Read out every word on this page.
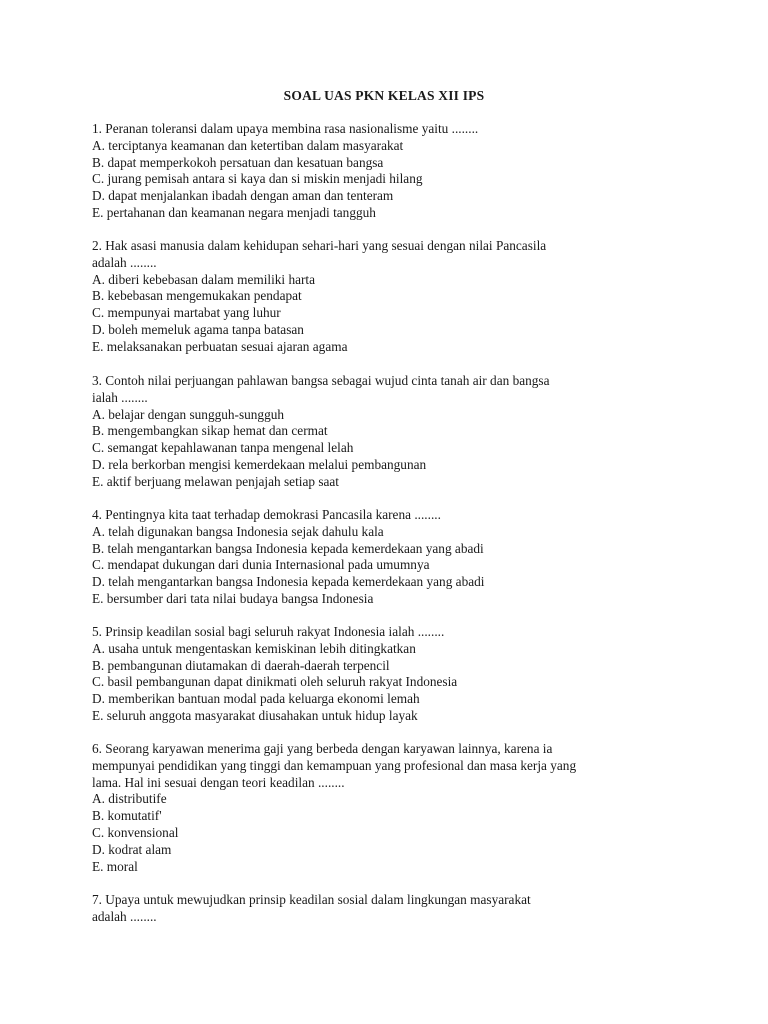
SOAL UAS PKN KELAS XII IPS
1. Peranan toleransi dalam upaya membina rasa nasionalisme yaitu ........
A. terciptanya keamanan dan ketertiban dalam masyarakat
B. dapat memperkokoh persatuan dan kesatuan bangsa
C. jurang pemisah antara si kaya dan si miskin menjadi hilang
D. dapat menjalankan ibadah dengan aman dan tenteram
E. pertahanan dan keamanan negara menjadi tangguh
2. Hak asasi manusia dalam kehidupan sehari-hari yang sesuai dengan nilai Pancasila
adalah ........
A. diberi kebebasan dalam memiliki harta
B. kebebasan mengemukakan pendapat
C. mempunyai martabat yang luhur
D. boleh memeluk agama tanpa batasan
E. melaksanakan perbuatan sesuai ajaran agama
3. Contoh nilai perjuangan pahlawan bangsa sebagai wujud cinta tanah air dan bangsa
ialah ........
A. belajar dengan sungguh-sungguh
B. mengembangkan sikap hemat dan cermat
C. semangat kepahlawanan tanpa mengenal lelah
D. rela berkorban mengisi kemerdekaan melalui pembangunan
E. aktif berjuang melawan penjajah setiap saat
4. Pentingnya kita taat terhadap demokrasi Pancasila karena ........
A. telah digunakan bangsa Indonesia sejak dahulu kala
B. telah mengantarkan bangsa Indonesia kepada kemerdekaan yang abadi
C. mendapat dukungan dari dunia Internasional pada umumnya
D. telah mengantarkan bangsa Indonesia kepada kemerdekaan yang abadi
E. bersumber dari tata nilai budaya bangsa Indonesia
5. Prinsip keadilan sosial bagi seluruh rakyat Indonesia ialah ........
A. usaha untuk mengentaskan kemiskinan lebih ditingkatkan
B. pembangunan diutamakan di daerah-daerah terpencil
C. basil pembangunan dapat dinikmati oleh seluruh rakyat Indonesia
D. memberikan bantuan modal pada keluarga ekonomi lemah
E. seluruh anggota masyarakat diusahakan untuk hidup layak
6. Seorang karyawan menerima gaji yang berbeda dengan karyawan lainnya, karena ia
mempunyai pendidikan yang tinggi dan kemampuan yang profesional dan masa kerja yang
lama. Hal ini sesuai dengan teori keadilan ........
A. distributife
B. komutatif'
C. konvensional
D. kodrat alam
E. moral
7. Upaya untuk mewujudkan prinsip keadilan sosial dalam lingkungan masyarakat
adalah ........
